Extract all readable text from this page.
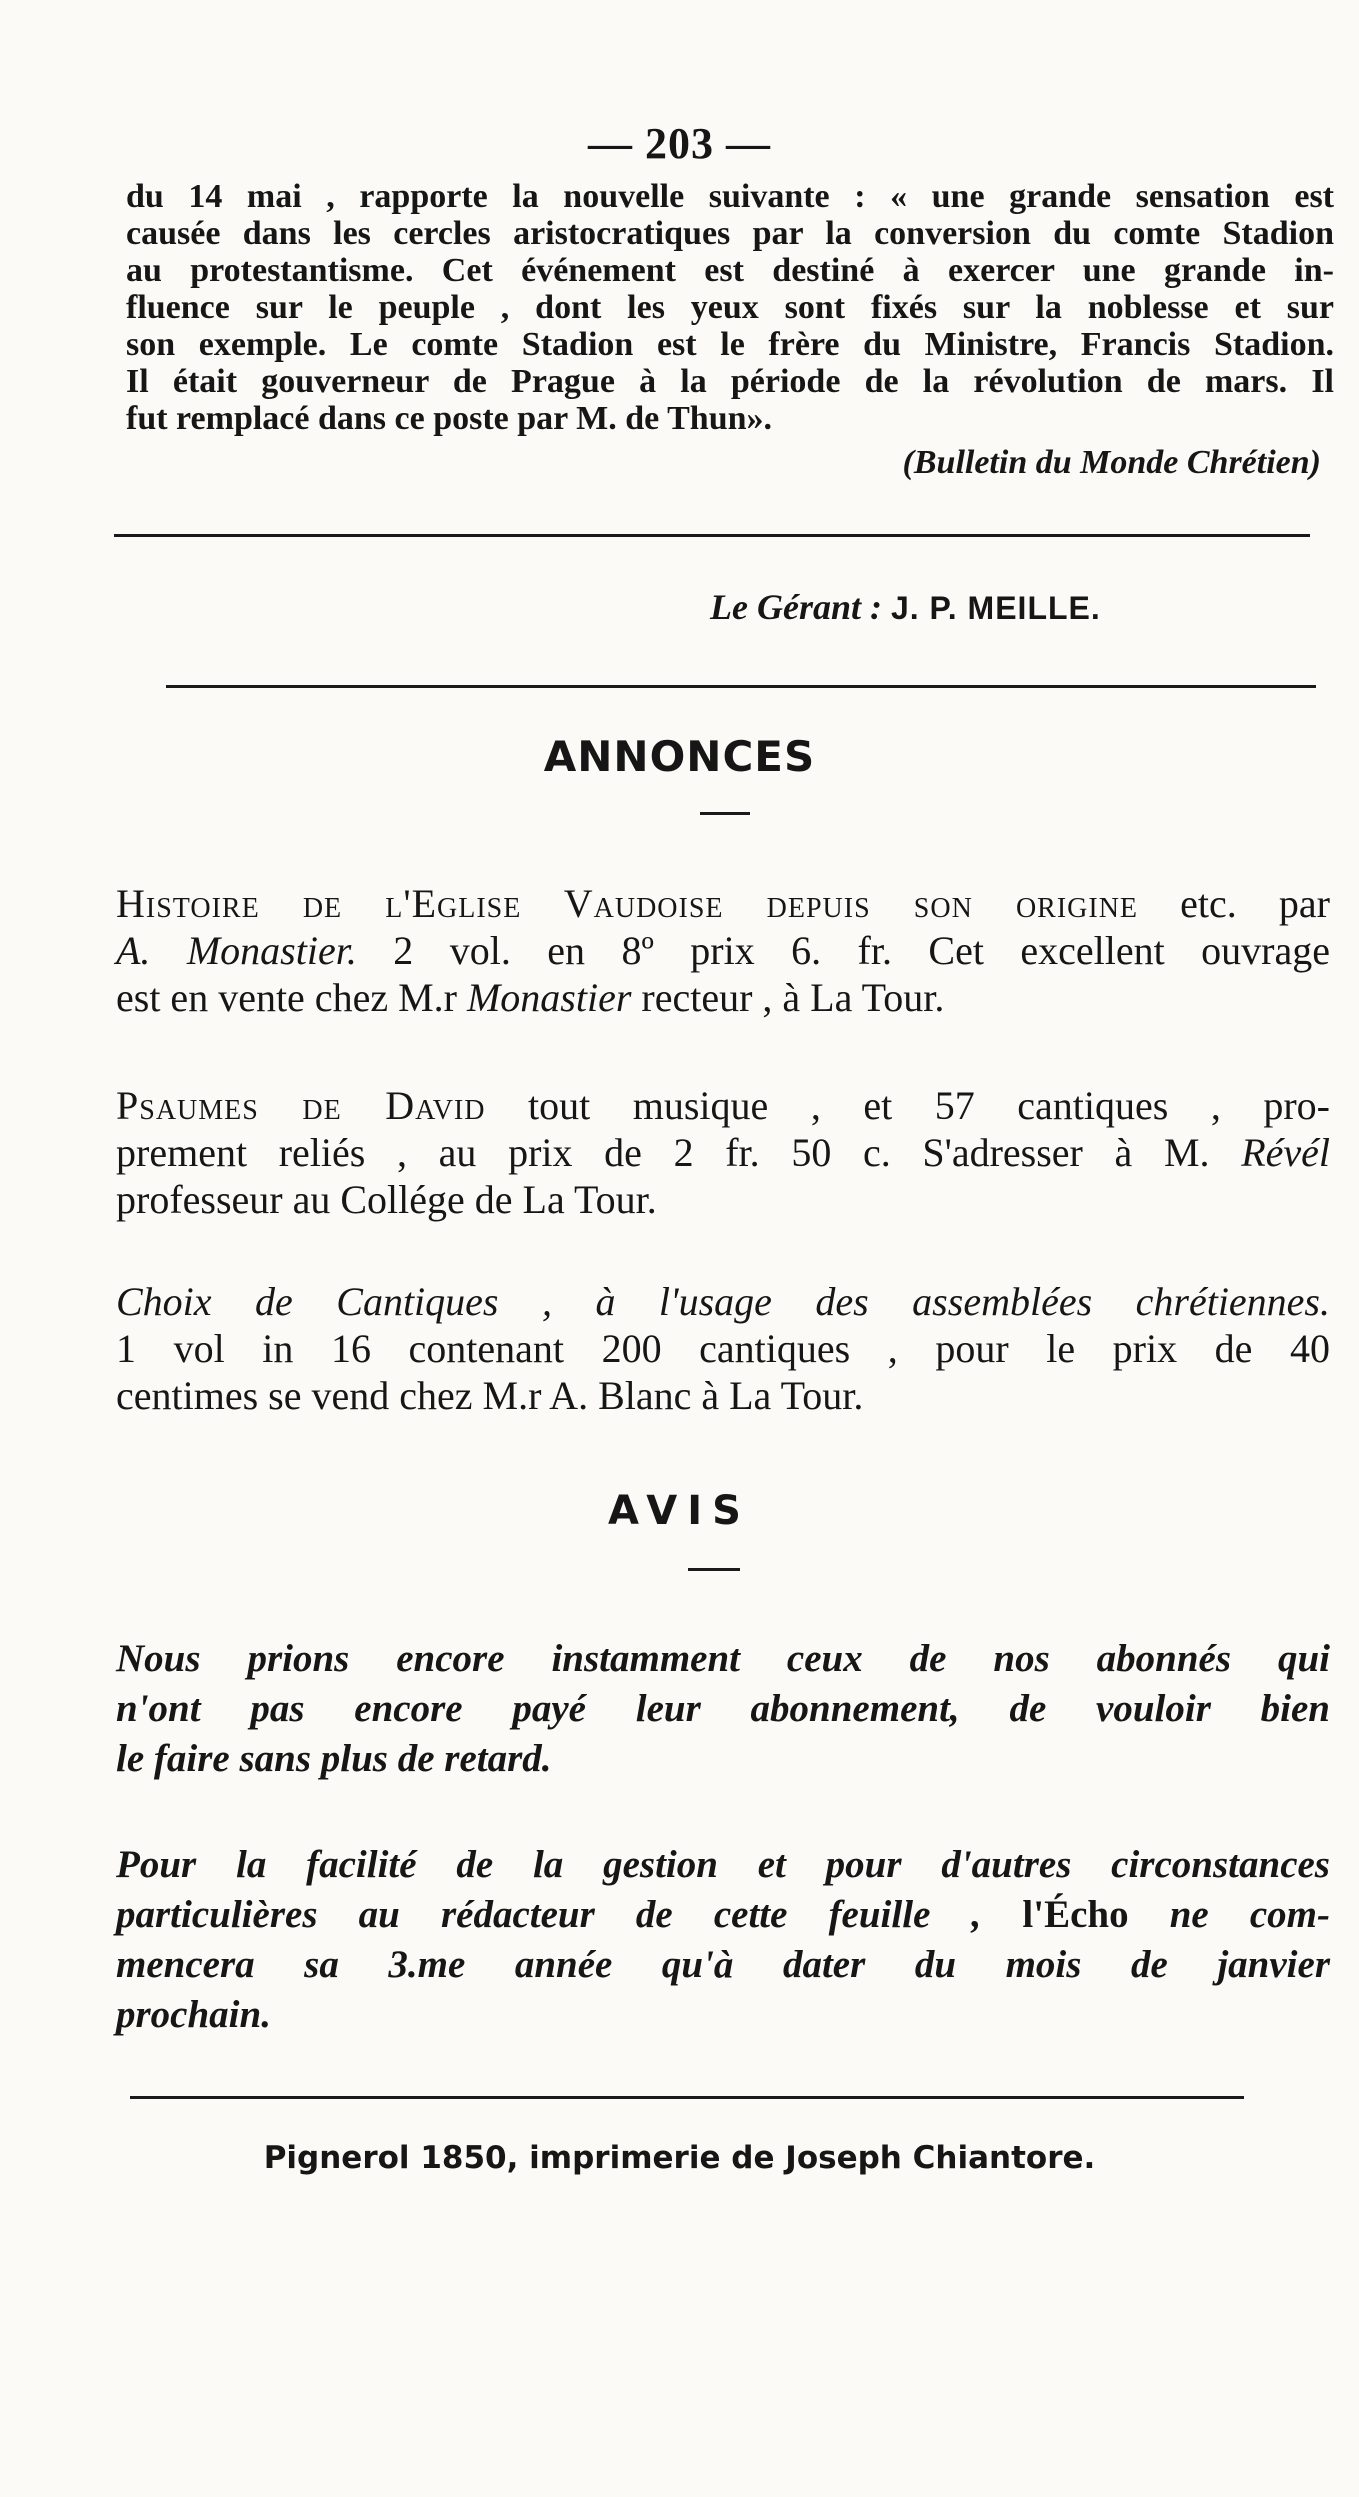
— 203 —
du 14 mai , rapporte la nouvelle suivante : « une grande sensation est
causée dans les cercles aristocratiques par la conversion du comte Stadion
au protestantisme. Cet événement est destiné à exercer une grande in-
fluence sur le peuple , dont les yeux sont fixés sur la noblesse et sur
son exemple. Le comte Stadion est le frère du Ministre, Francis Stadion.
Il était gouverneur de Prague à la période de la révolution de mars. Il
fut remplacé dans ce poste par M. de Thun».
(Bulletin du Monde Chrétien)
Le Gérant : J. P. MEILLE.
ANNONCES
Histoire de l'Eglise Vaudoise depuis son origine etc. par
A. Monastier. 2 vol. en 8º prix 6. fr. Cet excellent ouvrage
est en vente chez M.r Monastier recteur , à La Tour.
Psaumes de David tout musique , et 57 cantiques , pro-
prement reliés , au prix de 2 fr. 50 c. S'adresser à M. Révél
professeur au Collége de La Tour.
Choix de Cantiques , à l'usage des assemblées chrétiennes.
1 vol in 16 contenant 200 cantiques , pour le prix de 40
centimes se vend chez M.r A. Blanc à La Tour.
AVIS
Nous prions encore instamment ceux de nos abonnés qui
n'ont pas encore payé leur abonnement, de vouloir bien
le faire sans plus de retard.
Pour la facilité de la gestion et pour d'autres circonstances
particulières au rédacteur de cette feuille , l'Écho ne com-
mencera sa 3.me année qu'à dater du mois de janvier
prochain.
Pignerol 1850, imprimerie de Joseph Chiantore.
